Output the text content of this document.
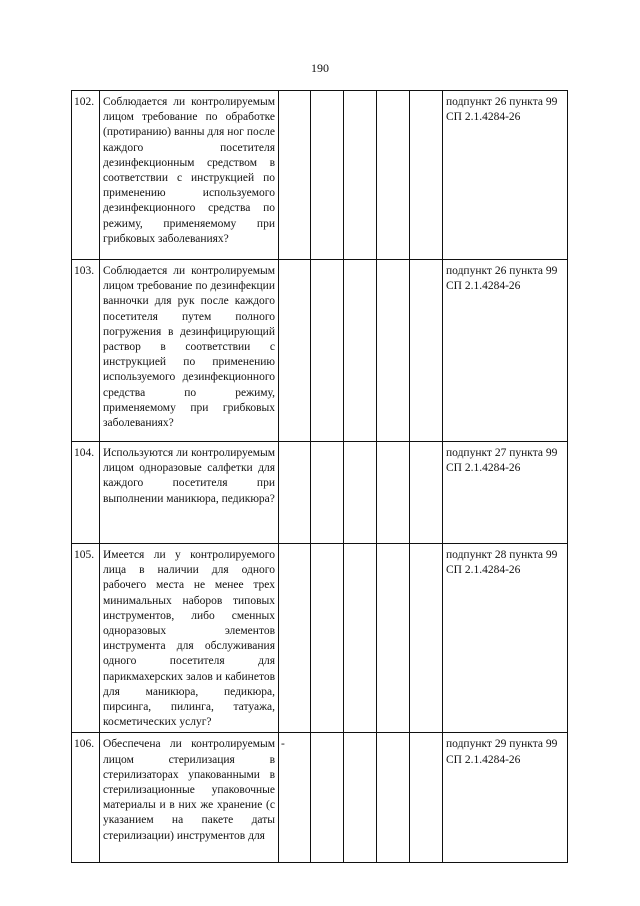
190
102.	Соблюдается ли контролируемым лицом требование по обработке (протиранию) ванны для ног после каждого посетителя дезинфекционным средством в соответствии с инструкцией по применению используемого дезинфекционного средства по режиму, применяемому при грибковых заболеваниях?						подпункт 26 пункта 99 СП 2.1.4284-26
103.	Соблюдается ли контролируемым лицом требование по дезинфекции ванночки для рук после каждого посетителя путем полного погружения в дезинфицирующий раствор в соответствии с инструкцией по применению используемого дезинфекционного средства по режиму, применяемому при грибковых заболеваниях?						подпункт 26 пункта 99 СП 2.1.4284-26
104.	Используются ли контролируемым лицом одноразовые салфетки для каждого посетителя при выполнении маникюра, педикюра?						подпункт 27 пункта 99 СП 2.1.4284-26
105.	Имеется ли у контролируемого лица в наличии для одного рабочего места не менее трех минимальных наборов типовых инструментов, либо сменных одноразовых элементов инструмента для обслуживания одного посетителя для парикмахерских залов и кабинетов для маникюра, педикюра, пирсинга, пилинга, татуажа, косметических услуг?						подпункт 28 пункта 99 СП 2.1.4284-26
106.	Обеспечена ли контролируемым лицом стерилизация в стерилизаторах упакованными в стерилизационные упаковочные материалы и в них же хранение (с указанием на пакете даты стерилизации) инструментов для	-					подпункт 29 пункта 99 СП 2.1.4284-26
